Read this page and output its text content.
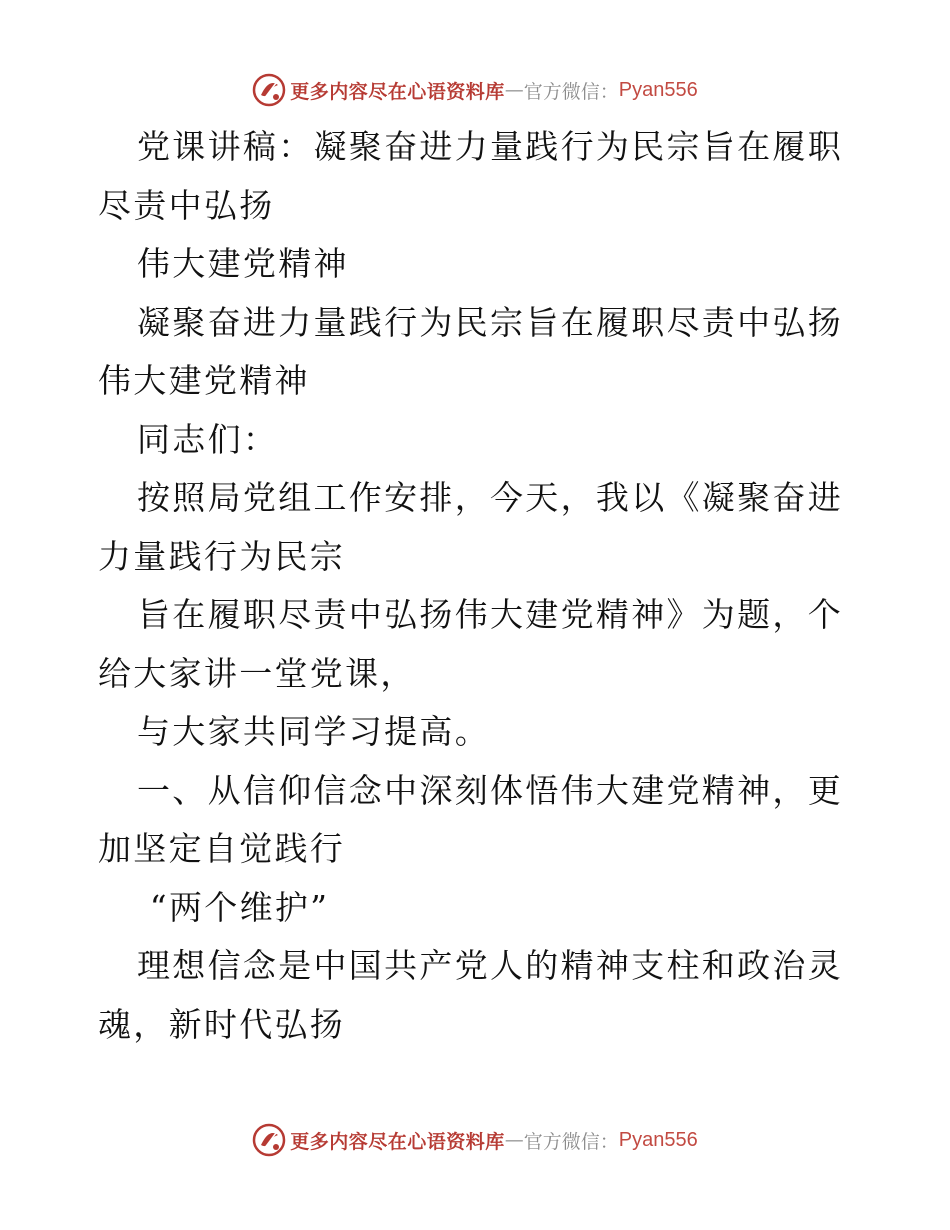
更多内容尽在心语资料库 — 官方微信： Pyan556

党课讲稿：凝聚奋进力量践行为民宗旨在履职尽责中弘扬

伟大建党精神

凝聚奋进力量践行为民宗旨在履职尽责中弘扬伟大建党精神

同志们：

按照局党组工作安排，今天，我以《凝聚奋进力量践行为民宗

旨在履职尽责中弘扬伟大建党精神》为题，个给大家讲一堂党课，

与大家共同学习提高。

一、从信仰信念中深刻体悟伟大建党精神，更加坚定自觉践行

“两个维护”

理想信念是中国共产党人的精神支柱和政治灵魂，新时代弘扬

更多内容尽在心语资料库 — 官方微信： Pyan556
